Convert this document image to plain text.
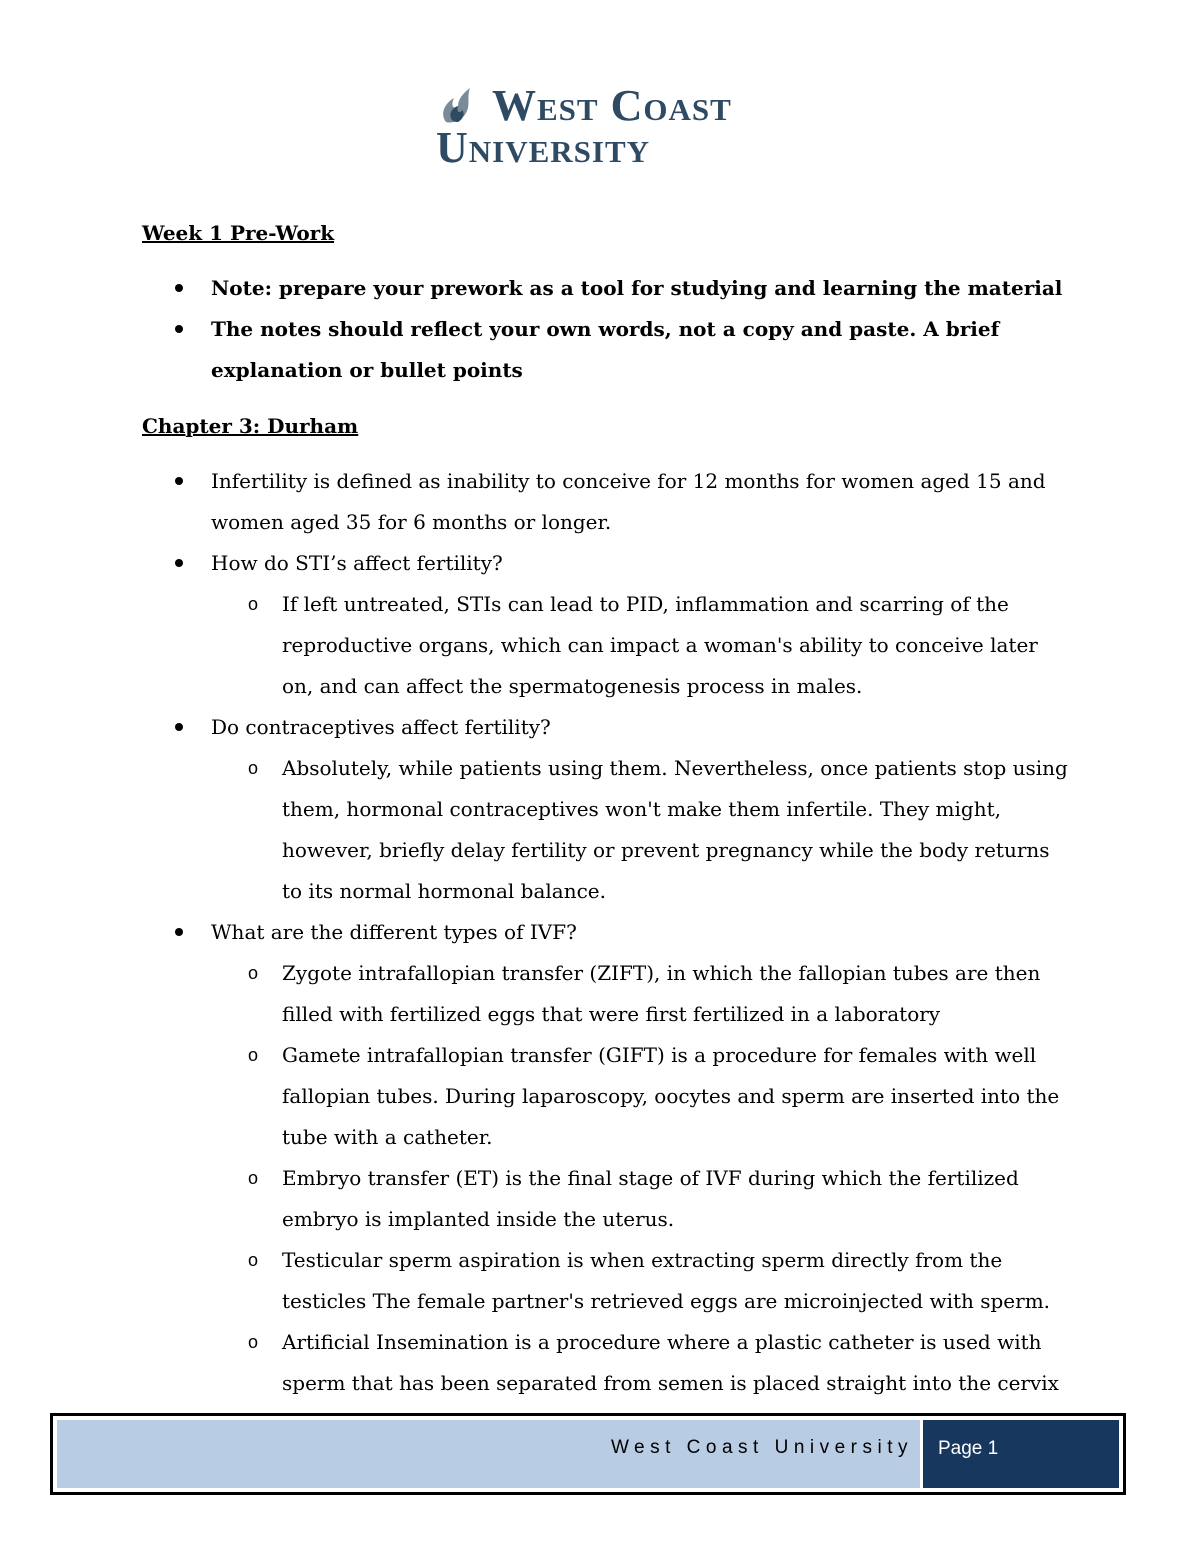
West Coast
University
Week 1 Pre-Work
Note: prepare your prework as a tool for studying and learning the material
The notes should reflect your own words, not a copy and paste. A brief explanation or bullet points
Chapter 3: Durham
Infertility is defined as inability to conceive for 12 months for women aged 15 and women aged 35 for 6 months or longer.
How do STI’s affect fertility?
o	If left untreated, STIs can lead to PID, inflammation and scarring of the reproductive organs, which can impact a woman's ability to conceive later on, and can affect the spermatogenesis process in males.
Do contraceptives affect fertility?
o	Absolutely, while patients using them. Nevertheless, once patients stop using them, hormonal contraceptives won't make them infertile. They might, however, briefly delay fertility or prevent pregnancy while the body returns to its normal hormonal balance.
What are the different types of IVF?
o	Zygote intrafallopian transfer (ZIFT), in which the fallopian tubes are then filled with fertilized eggs that were first fertilized in a laboratory
o	Gamete intrafallopian transfer (GIFT) is a procedure for females with well fallopian tubes. During laparoscopy, oocytes and sperm are inserted into the tube with a catheter.
o	Embryo transfer (ET) is the final stage of IVF during which the fertilized embryo is implanted inside the uterus.
o	Testicular sperm aspiration is when extracting sperm directly from the testicles The female partner's retrieved eggs are microinjected with sperm.
o	Artificial Insemination is a procedure where a plastic catheter is used with sperm that has been separated from semen is placed straight into the cervix
West Coast University Page 1
